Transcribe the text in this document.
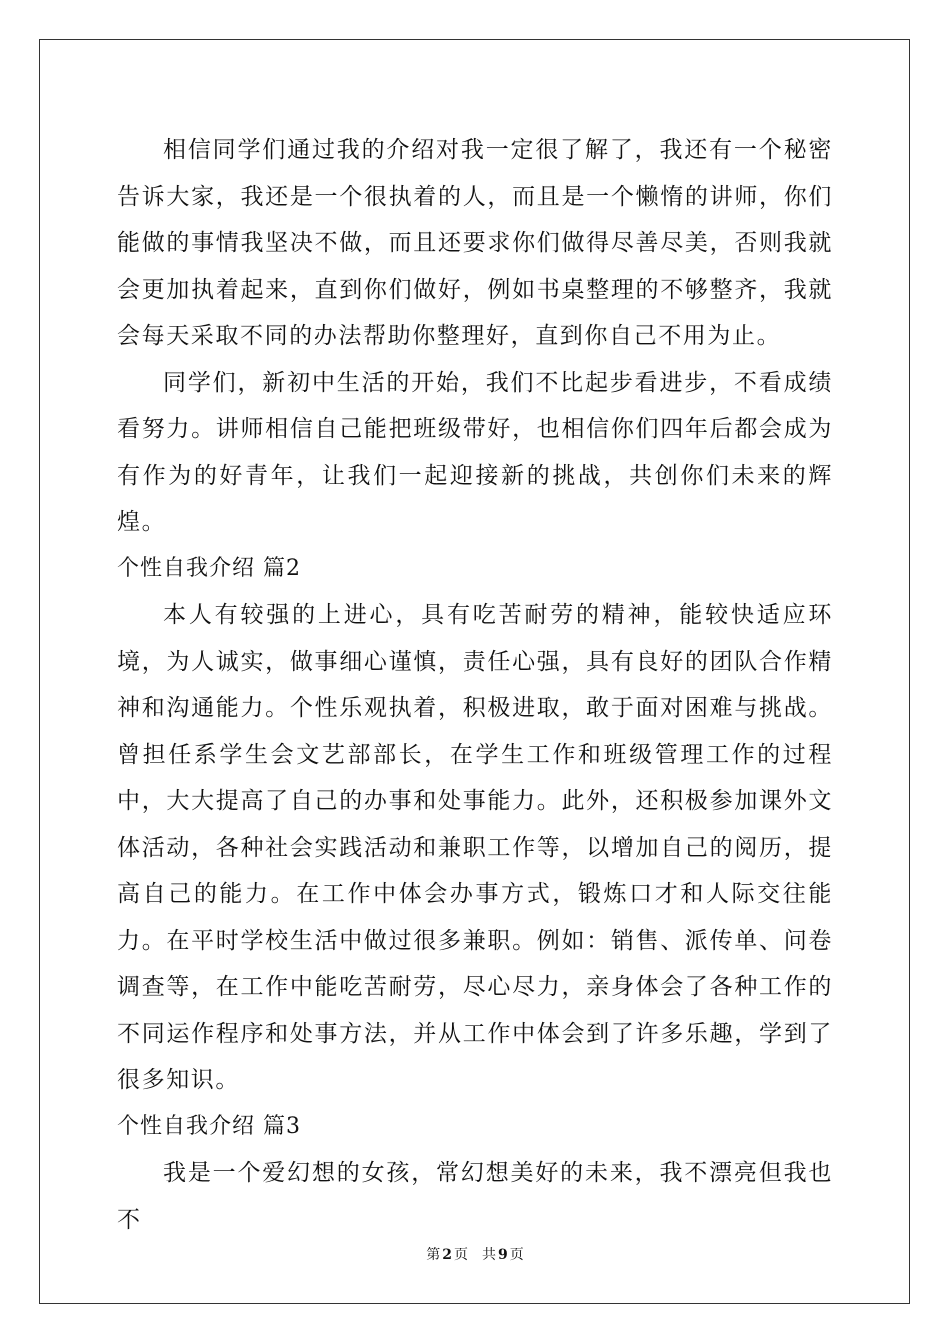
相信同学们通过我的介绍对我一定很了解了，我还有一个秘密告诉大家，我还是一个很执着的人，而且是一个懒惰的讲师，你们能做的事情我坚决不做，而且还要求你们做得尽善尽美，否则我就会更加执着起来，直到你们做好，例如书桌整理的不够整齐，我就会每天采取不同的办法帮助你整理好，直到你自己不用为止。

同学们，新初中生活的开始，我们不比起步看进步，不看成绩看努力。讲师相信自己能把班级带好，也相信你们四年后都会成为有作为的好青年，让我们一起迎接新的挑战，共创你们未来的辉煌。

个性自我介绍 篇2

本人有较强的上进心，具有吃苦耐劳的精神，能较快适应环境，为人诚实，做事细心谨慎，责任心强，具有良好的团队合作精神和沟通能力。个性乐观执着，积极进取，敢于面对困难与挑战。曾担任系学生会文艺部部长，在学生工作和班级管理工作的过程中，大大提高了自己的办事和处事能力。此外，还积极参加课外文体活动，各种社会实践活动和兼职工作等，以增加自己的阅历，提高自己的能力。在工作中体会办事方式，锻炼口才和人际交往能力。在平时学校生活中做过很多兼职。例如：销售、派传单、问卷调查等，在工作中能吃苦耐劳，尽心尽力，亲身体会了各种工作的不同运作程序和处事方法，并从工作中体会到了许多乐趣，学到了很多知识。

个性自我介绍 篇3

我是一个爱幻想的女孩，常幻想美好的未来，我不漂亮但我也不

第 2 页 共 9 页
